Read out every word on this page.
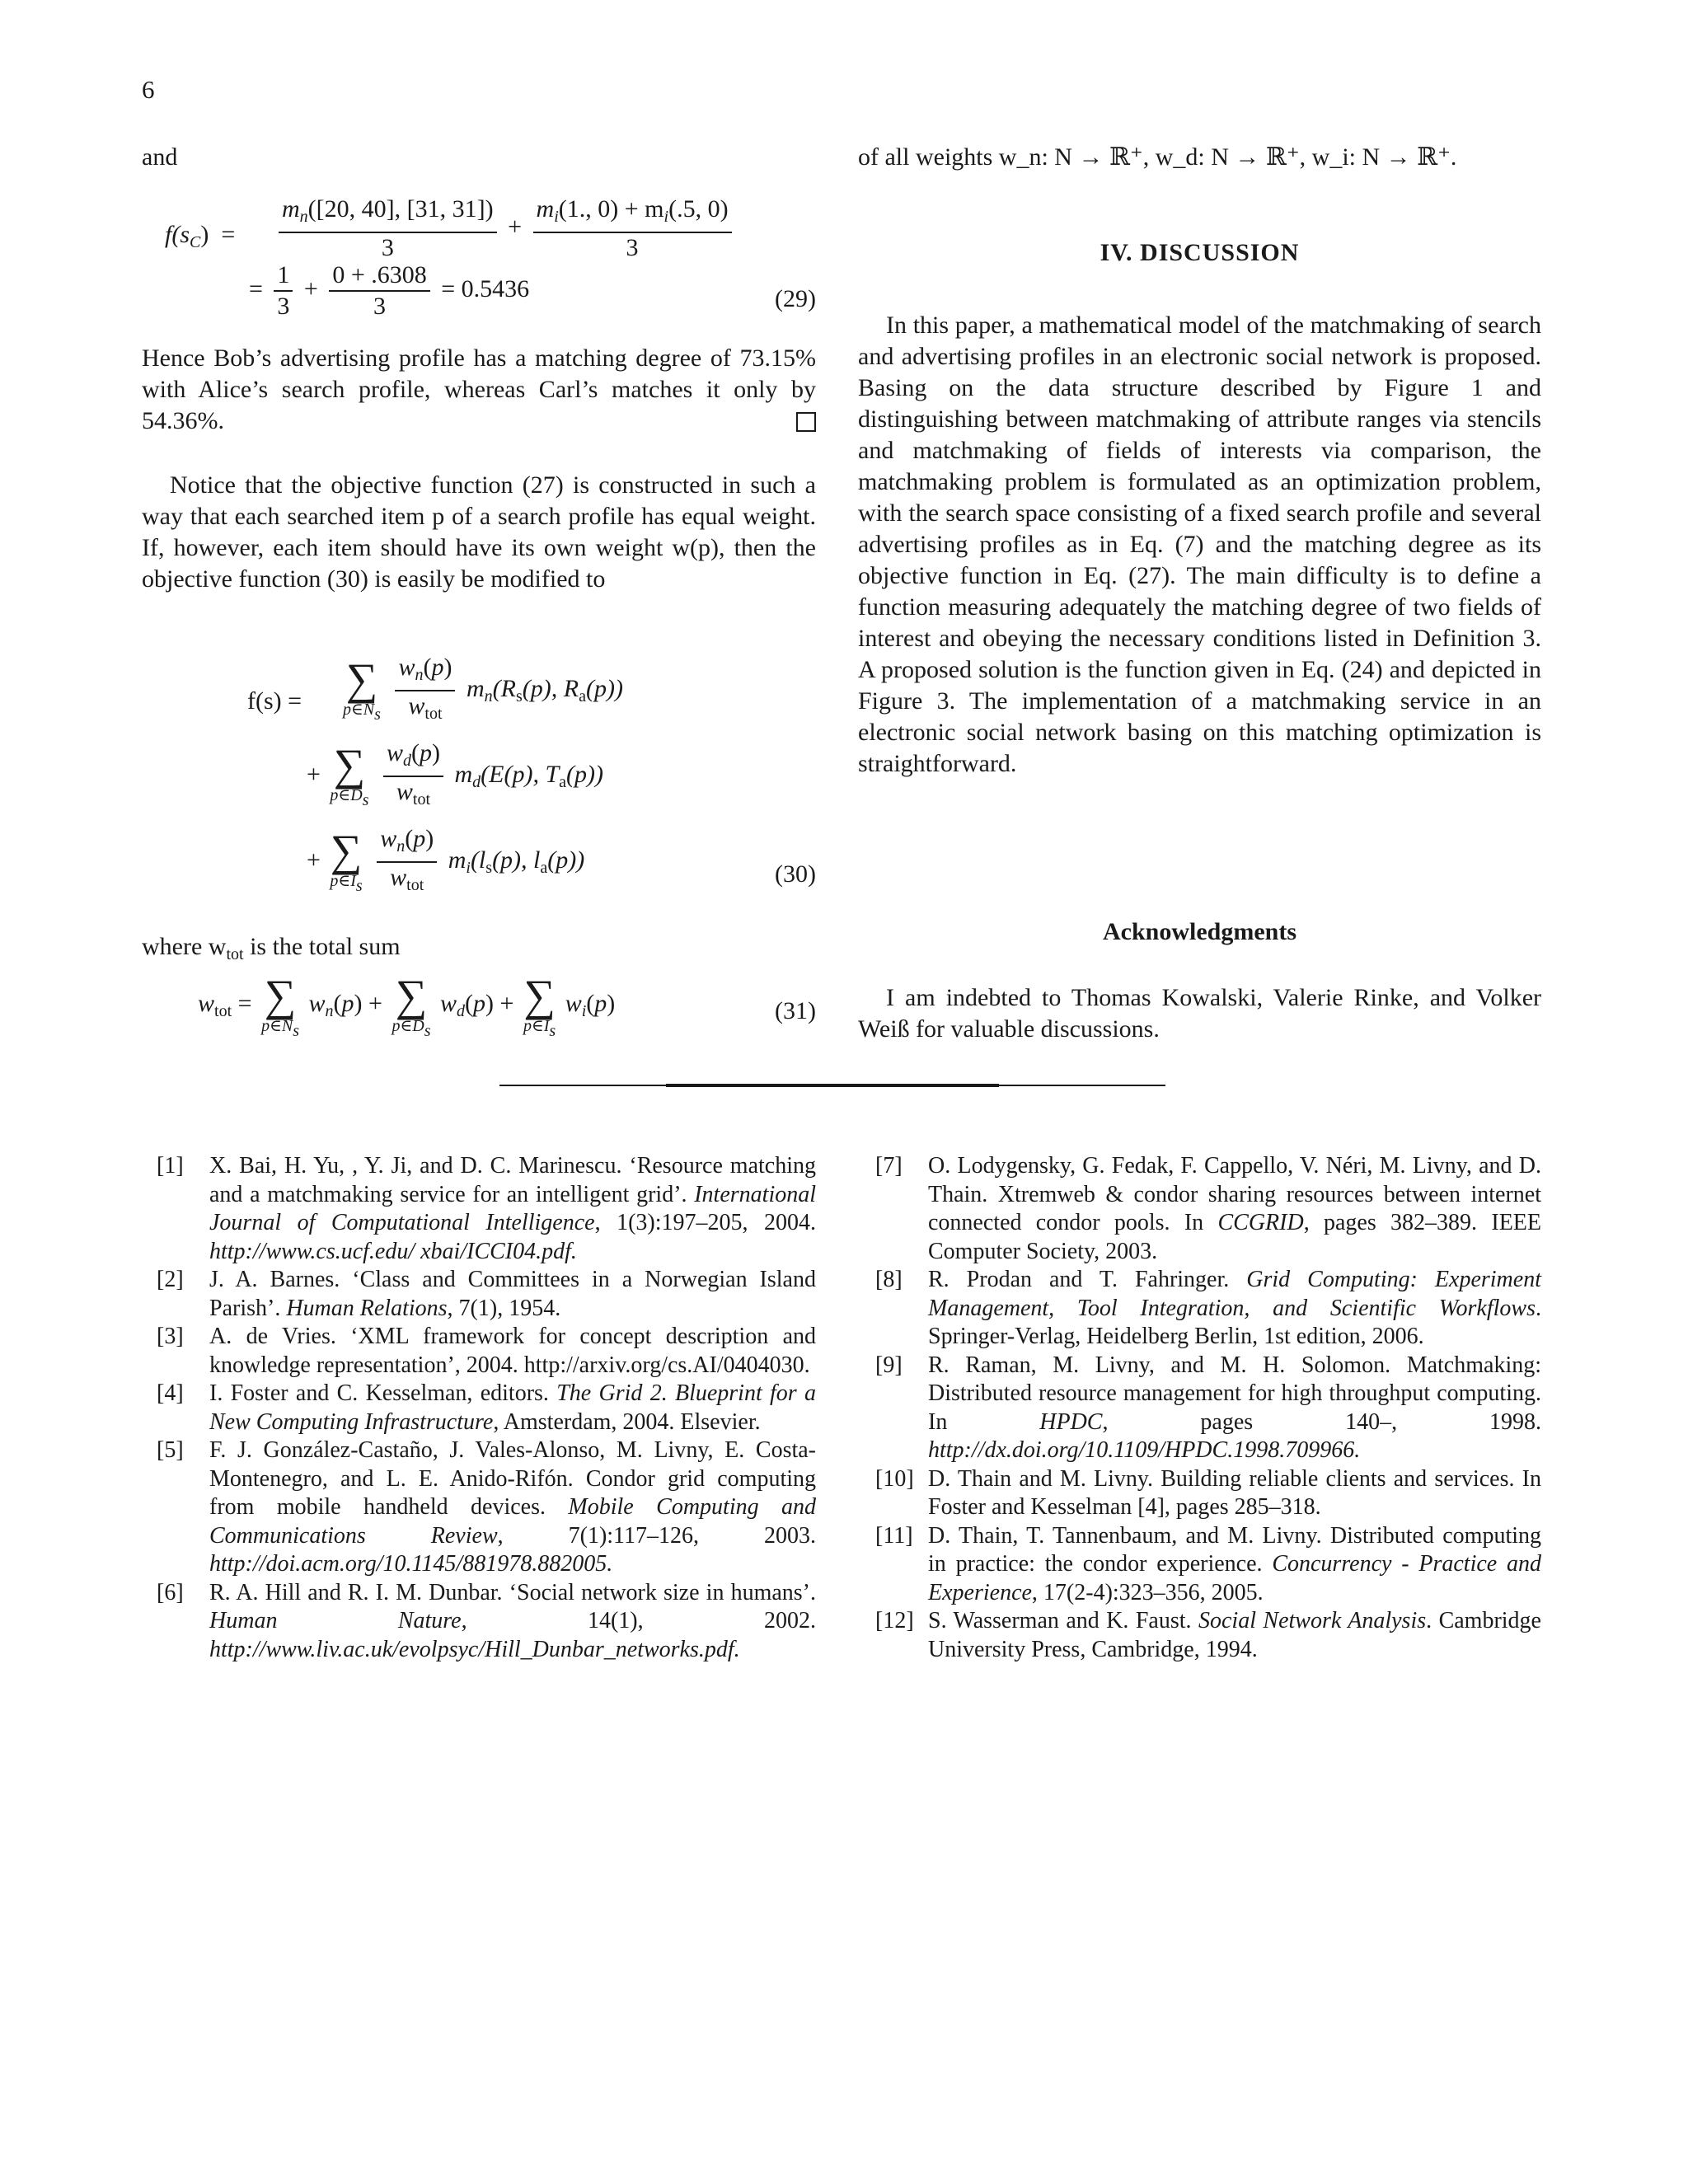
6
and
$f(s_C) = \frac{m_n([20, 40], [31, 31])}{3} + \frac{m_i(1., 0) + m_i(.5, 0)}{3}$
= $\frac{1}{3} + \frac{0 + .6308}{3} = 0.5436$	(29)

Hence Bob’s advertising profile has a matching degree of 73.15% with Alice’s search profile, whereas Carl’s matches it only by 54.36%.

Notice that the objective function (27) is constructed in such a way that each searched item p of a search profile has equal weight. If, however, each item should have its own weight w(p), then the objective function (30) is easily be modified to

f(s) = ∑
p∈Ns
$\frac{w_n(p)}{w_{tot}} m_n(R_s(p)$, $R_a(p)$)
+ ∑
p∈Ds
$\frac{w_d(p)}{w_{tot}} m_d(E(p)$, $T_a(p)$)
+ ∑
p∈Is
$\frac{w_n(p)}{w_{tot}} m_i(l_s(p)$, $l_a(p)$)
(30)
where $w_{tot}$ is the total sum
$w_{tot}$ = ∑
p∈Ns
$w_n(p)$ + ∑
p∈Ds
$w_d(p)$ + ∑
p∈Is
$w_i(p)$	(31)
of all weights w_n: N → ℝ⁺, w_d: N → ℝ⁺, w_i: N → ℝ⁺.
IV. DISCUSSION

In this paper, a mathematical model of the matchmaking of search and advertising profiles in an electronic social network is proposed. Basing on the data structure described by Figure 1 and distinguishing between matchmaking of attribute ranges via stencils and matchmaking of fields of interests via comparison, the matchmaking problem is formulated as an optimization problem, with the search space consisting of a fixed search profile and several advertising profiles as in Eq. (7) and the matching degree as its objective function in Eq. (27). The main difficulty is to define a function measuring adequately the matching degree of two fields of interest and obeying the necessary conditions listed in Definition 3. A proposed solution is the function given in Eq. (24) and depicted in Figure 3. The implementation of a matchmaking service in an electronic social network basing on this matching optimization is straightforward.

Acknowledgments

I am indebted to Thomas Kowalski, Valerie Rinke, and Volker Weiß for valuable discussions.

[1] X. Bai, H. Yu, , Y. Ji, and D. C. Marinescu. ‘Resource matching and a matchmaking service for an intelligent grid’. International Journal of Computational Intelligence, 1(3):197–205, 2004. http://www.cs.ucf.edu/ xbai/ICCI04.pdf.
[2] J. A. Barnes. ‘Class and Committees in a Norwegian Island Parish’. Human Relations, 7(1), 1954.
[3] A. de Vries. ‘XML framework for concept description and knowledge representation’, 2004. http://arxiv.org/cs.AI/0404030.
[4] I. Foster and C. Kesselman, editors. The Grid 2. Blueprint for a New Computing Infrastructure, Amsterdam, 2004. Elsevier.
[5] F. J. González-Castaño, J. Vales-Alonso, M. Livny, E. Costa-Montenegro, and L. E. Anido-Rifón. Condor grid computing from mobile handheld devices. Mobile Computing and Communications Review, 7(1):117–126, 2003. http://doi.acm.org/10.1145/881978.882005.
[6] R. A. Hill and R. I. M. Dunbar. ‘Social network size in humans’. Human Nature, 14(1), 2002. http://www.liv.ac.uk/evolpsyc/Hill_Dunbar_networks.pdf.
[7] O. Lodygensky, G. Fedak, F. Cappello, V. Néri, M. Livny, and D. Thain. Xtremweb & condor sharing resources between internet connected condor pools. In CCGRID, pages 382–389. IEEE Computer Society, 2003.
[8] R. Prodan and T. Fahringer. Grid Computing: Experiment Management, Tool Integration, and Scientific Workflows. Springer-Verlag, Heidelberg Berlin, 1st edition, 2006.
[9] R. Raman, M. Livny, and M. H. Solomon. Matchmaking: Distributed resource management for high throughput computing. In HPDC, pages 140–, 1998. http://dx.doi.org/10.1109/HPDC.1998.709966.
[10] D. Thain and M. Livny. Building reliable clients and services. In Foster and Kesselman [4], pages 285–318.
[11] D. Thain, T. Tannenbaum, and M. Livny. Distributed computing in practice: the condor experience. Concurrency - Practice and Experience, 17(2-4):323–356, 2005.
[12] S. Wasserman and K. Faust. Social Network Analysis. Cambridge University Press, Cambridge, 1994.
